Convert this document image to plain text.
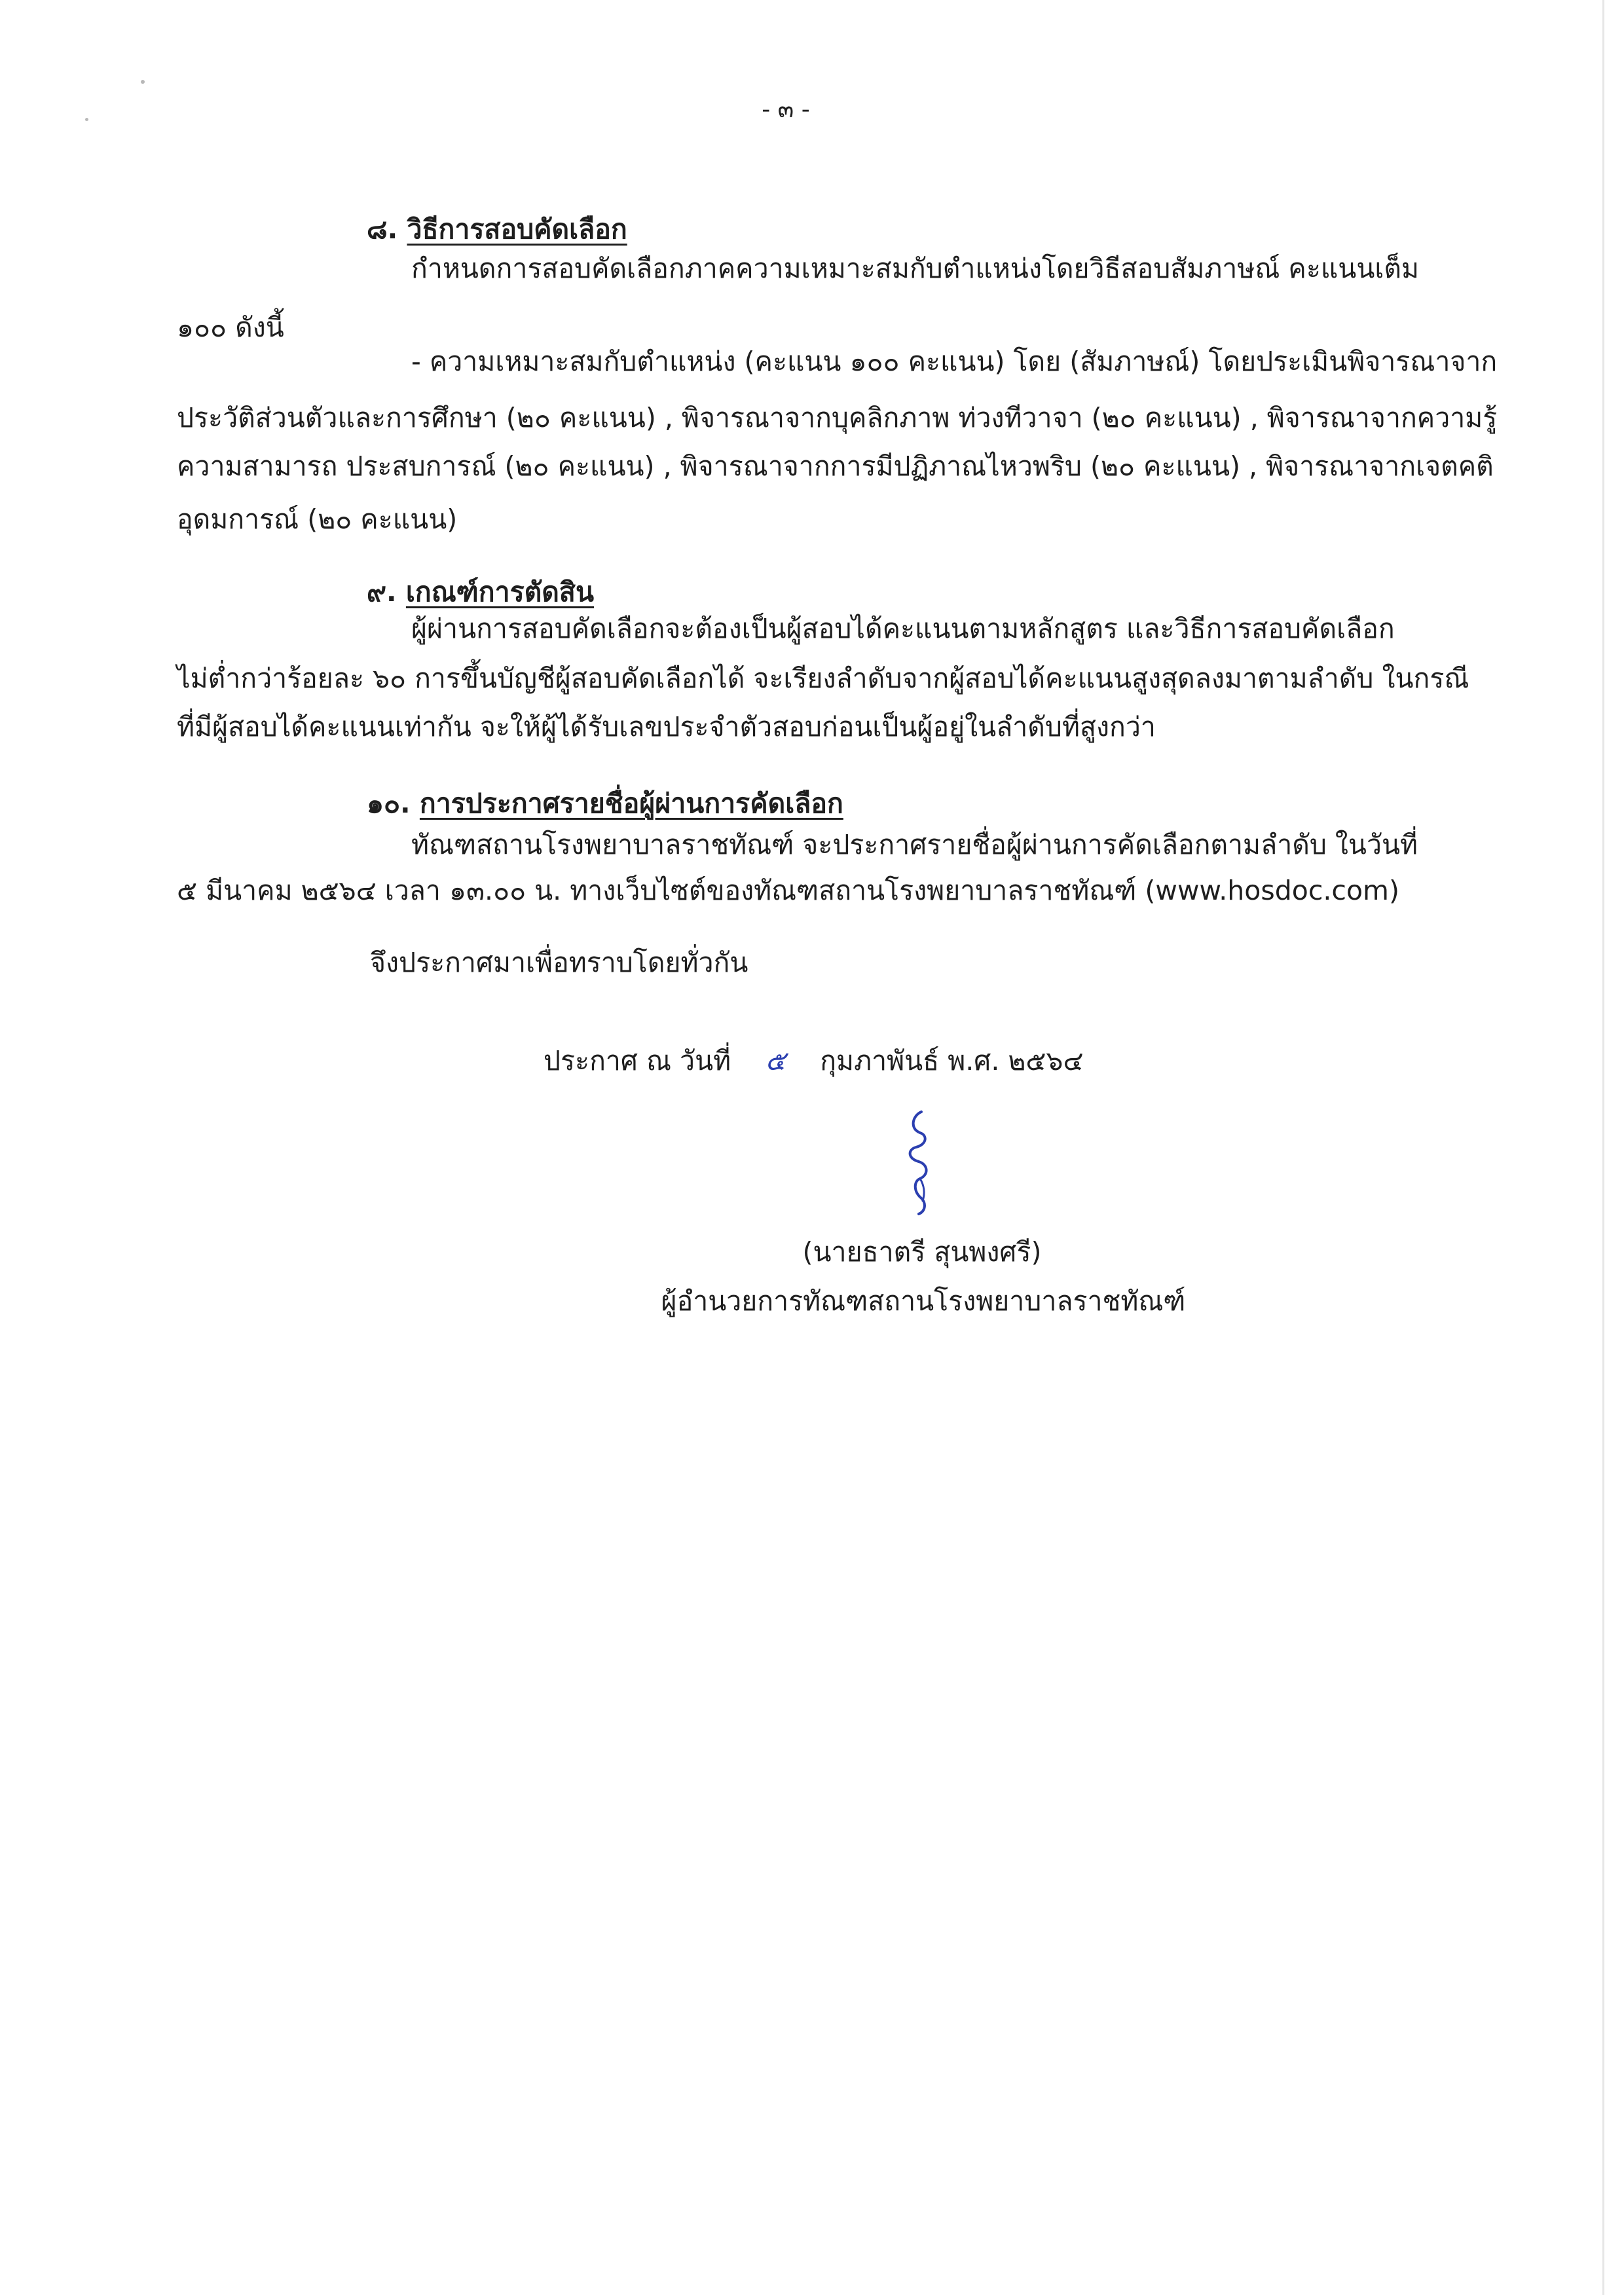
- ๓ -
๘. วิธีการสอบคัดเลือก
กำหนดการสอบคัดเลือกภาคความเหมาะสมกับตำแหน่งโดยวิธีสอบสัมภาษณ์ คะแนนเต็ม
๑๐๐ ดังนี้
- ความเหมาะสมกับตำแหน่ง (คะแนน ๑๐๐ คะแนน) โดย (สัมภาษณ์) โดยประเมินพิจารณาจาก
ประวัติส่วนตัวและการศึกษา (๒๐ คะแนน) , พิจารณาจากบุคลิกภาพ ท่วงทีวาจา (๒๐ คะแนน) , พิจารณาจากความรู้
ความสามารถ ประสบการณ์ (๒๐ คะแนน) , พิจารณาจากการมีปฏิภาณไหวพริบ (๒๐ คะแนน) , พิจารณาจากเจตคติ
อุดมการณ์ (๒๐ คะแนน)
๙. เกณฑ์การตัดสิน
ผู้ผ่านการสอบคัดเลือกจะต้องเป็นผู้สอบได้คะแนนตามหลักสูตร และวิธีการสอบคัดเลือก
ไม่ต่ำกว่าร้อยละ ๖๐ การขึ้นบัญชีผู้สอบคัดเลือกได้ จะเรียงลำดับจากผู้สอบได้คะแนนสูงสุดลงมาตามลำดับ ในกรณี
ที่มีผู้สอบได้คะแนนเท่ากัน จะให้ผู้ได้รับเลขประจำตัวสอบก่อนเป็นผู้อยู่ในลำดับที่สูงกว่า
๑๐. การประกาศรายชื่อผู้ผ่านการคัดเลือก
ทัณฑสถานโรงพยาบาลราชทัณฑ์ จะประกาศรายชื่อผู้ผ่านการคัดเลือกตามลำดับ ในวันที่
๕ มีนาคม ๒๕๖๔ เวลา ๑๓.๐๐ น. ทางเว็บไซต์ของทัณฑสถานโรงพยาบาลราชทัณฑ์ (www.hosdoc.com)
จึงประกาศมาเพื่อทราบโดยทั่วกัน
ประกาศ ณ วันที่ ๕ กุมภาพันธ์ พ.ศ. ๒๕๖๔
(นายธาตรี สุนพงศรี)
ผู้อำนวยการทัณฑสถานโรงพยาบาลราชทัณฑ์
